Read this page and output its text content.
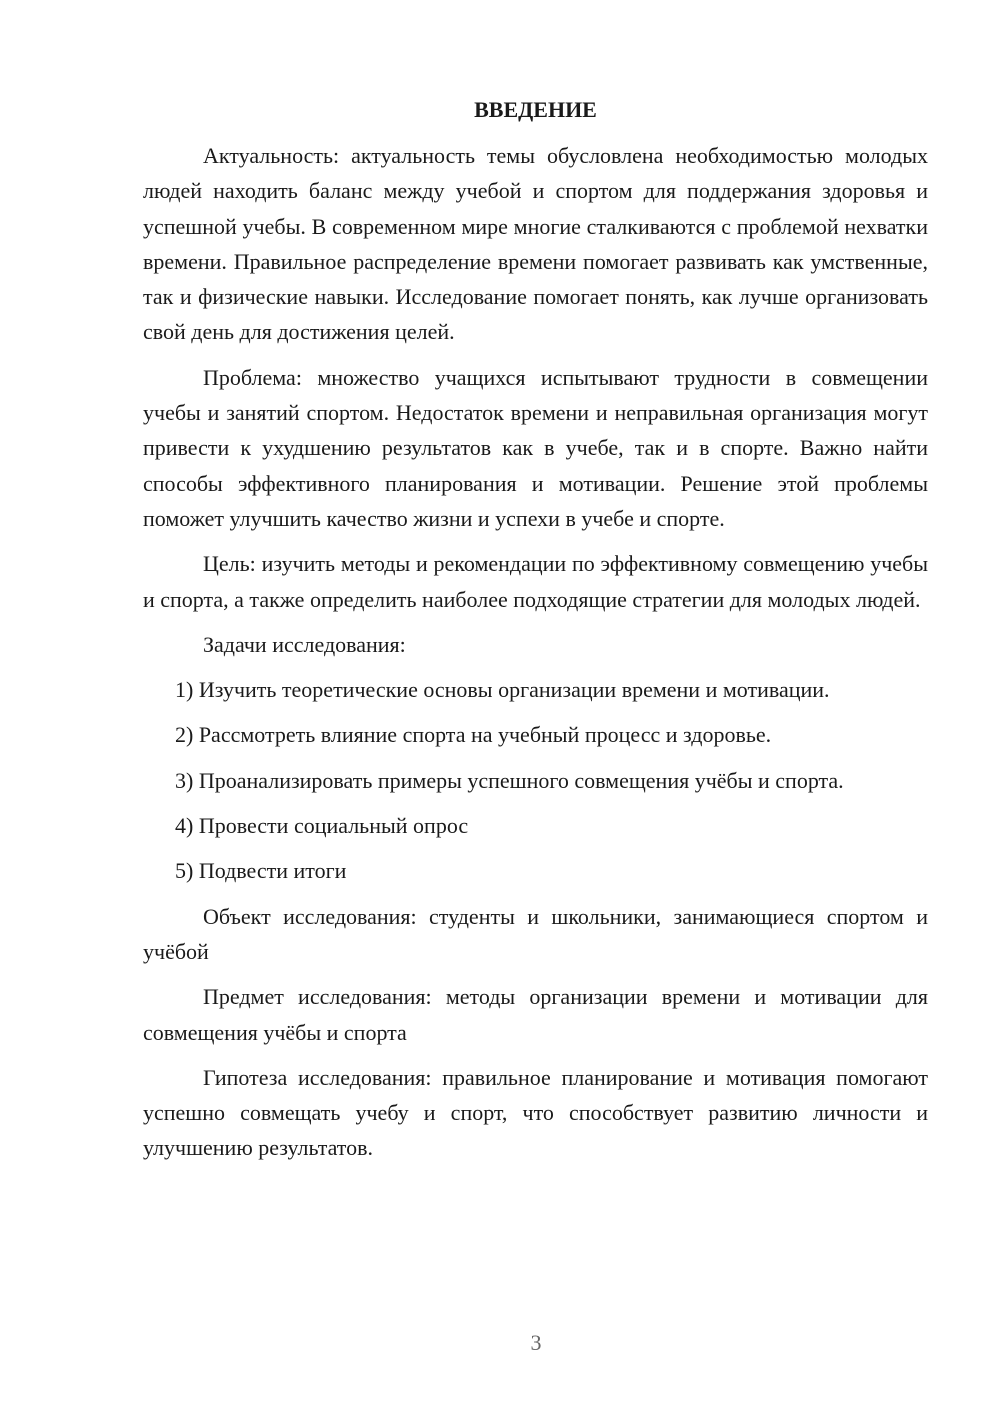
ВВЕДЕНИЕ

Актуальность: актуальность темы обусловлена необходимостью молодых людей находить баланс между учебой и спортом для поддержания здоровья и успешной учебы. В современном мире многие сталкиваются с проблемой нехватки времени. Правильное распределение времени помогает развивать как умственные, так и физические навыки. Исследование помогает понять, как лучше организовать свой день для достижения целей.

Проблема: множество учащихся испытывают трудности в совмещении учебы и занятий спортом. Недостаток времени и неправильная организация могут привести к ухудшению результатов как в учебе, так и в спорте. Важно найти способы эффективного планирования и мотивации. Решение этой проблемы поможет улучшить качество жизни и успехи в учебе и спорте.

Цель: изучить методы и рекомендации по эффективному совмещению учебы и спорта, а также определить наиболее подходящие стратегии для молодых людей.

Задачи исследования:

1) Изучить теоретические основы организации времени и мотивации.

2) Рассмотреть влияние спорта на учебный процесс и здоровье.

3) Проанализировать примеры успешного совмещения учёбы и спорта.

4) Провести социальный опрос

5) Подвести итоги

Объект исследования: студенты и школьники, занимающиеся спортом и учёбой

Предмет исследования: методы организации времени и мотивации для совмещения учёбы и спорта

Гипотеза исследования: правильное планирование и мотивация помогают успешно совмещать учебу и спорт, что способствует развитию личности и улучшению результатов.

3
